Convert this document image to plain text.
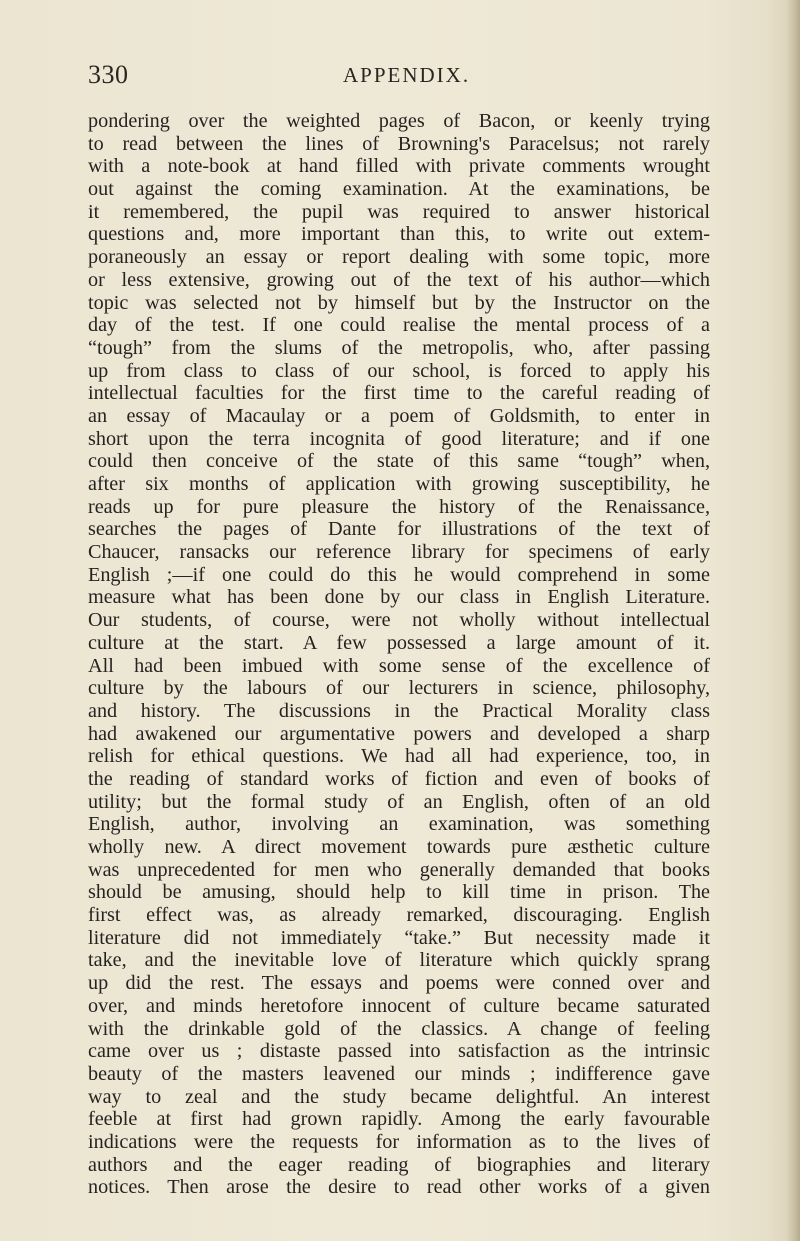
330	APPENDIX.
pondering over the weighted pages of Bacon, or keenly trying
to read between the lines of Browning's Paracelsus; not rarely
with a note-book at hand filled with private comments wrought
out against the coming examination. At the examinations, be
it remembered, the pupil was required to answer historical
questions and, more important than this, to write out extem-
poraneously an essay or report dealing with some topic, more
or less extensive, growing out of the text of his author—which
topic was selected not by himself but by the Instructor on the
day of the test. If one could realise the mental process of a
“tough” from the slums of the metropolis, who, after passing
up from class to class of our school, is forced to apply his
intellectual faculties for the first time to the careful reading of
an essay of Macaulay or a poem of Goldsmith, to enter in
short upon the terra incognita of good literature; and if one
could then conceive of the state of this same “tough” when,
after six months of application with growing susceptibility, he
reads up for pure pleasure the history of the Renaissance,
searches the pages of Dante for illustrations of the text of
Chaucer, ransacks our reference library for specimens of early
English ;—if one could do this he would comprehend in some
measure what has been done by our class in English Literature.
Our students, of course, were not wholly without intellectual
culture at the start. A few possessed a large amount of it.
All had been imbued with some sense of the excellence of
culture by the labours of our lecturers in science, philosophy,
and history. The discussions in the Practical Morality class
had awakened our argumentative powers and developed a sharp
relish for ethical questions. We had all had experience, too, in
the reading of standard works of fiction and even of books of
utility; but the formal study of an English, often of an old
English, author, involving an examination, was something
wholly new. A direct movement towards pure æsthetic culture
was unprecedented for men who generally demanded that books
should be amusing, should help to kill time in prison. The
first effect was, as already remarked, discouraging. English
literature did not immediately “take.” But necessity made it
take, and the inevitable love of literature which quickly sprang
up did the rest. The essays and poems were conned over and
over, and minds heretofore innocent of culture became saturated
with the drinkable gold of the classics. A change of feeling
came over us ; distaste passed into satisfaction as the intrinsic
beauty of the masters leavened our minds ; indifference gave
way to zeal and the study became delightful. An interest
feeble at first had grown rapidly. Among the early favourable
indications were the requests for information as to the lives of
authors and the eager reading of biographies and literary
notices. Then arose the desire to read other works of a given
